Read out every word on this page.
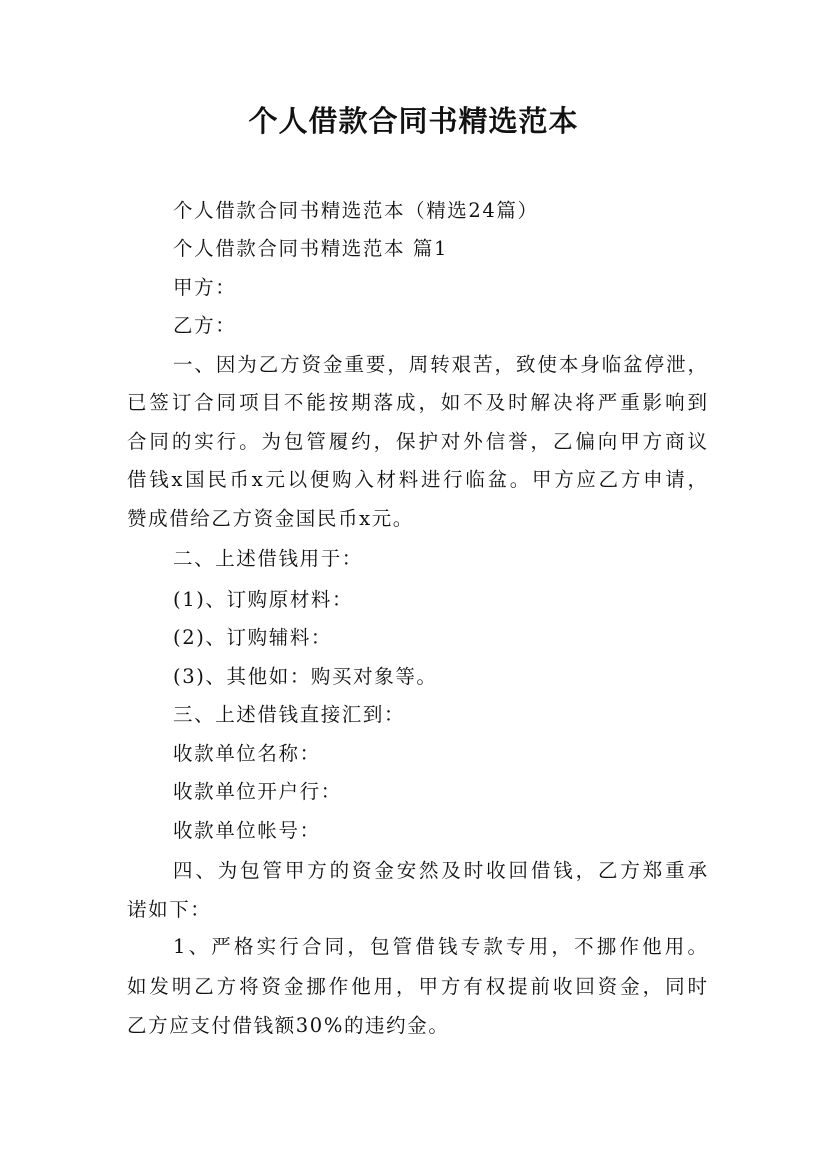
个人借款合同书精选范本
个人借款合同书精选范本（精选24篇）
个人借款合同书精选范本 篇1
甲方：
乙方：
一、因为乙方资金重要，周转艰苦，致使本身临盆停泄，
已签订合同项目不能按期落成，如不及时解决将严重影响到
合同的实行。为包管履约，保护对外信誉，乙偏向甲方商议
借钱x国民币x元以便购入材料进行临盆。甲方应乙方申请，
赞成借给乙方资金国民币x元。
二、上述借钱用于：
(1)、订购原材料：
(2)、订购辅料：
(3)、其他如：购买对象等。
三、上述借钱直接汇到：
收款单位名称：
收款单位开户行：
收款单位帐号：
四、为包管甲方的资金安然及时收回借钱，乙方郑重承
诺如下：
1、严格实行合同，包管借钱专款专用，不挪作他用。
如发明乙方将资金挪作他用，甲方有权提前收回资金，同时
乙方应支付借钱额30%的违约金。
